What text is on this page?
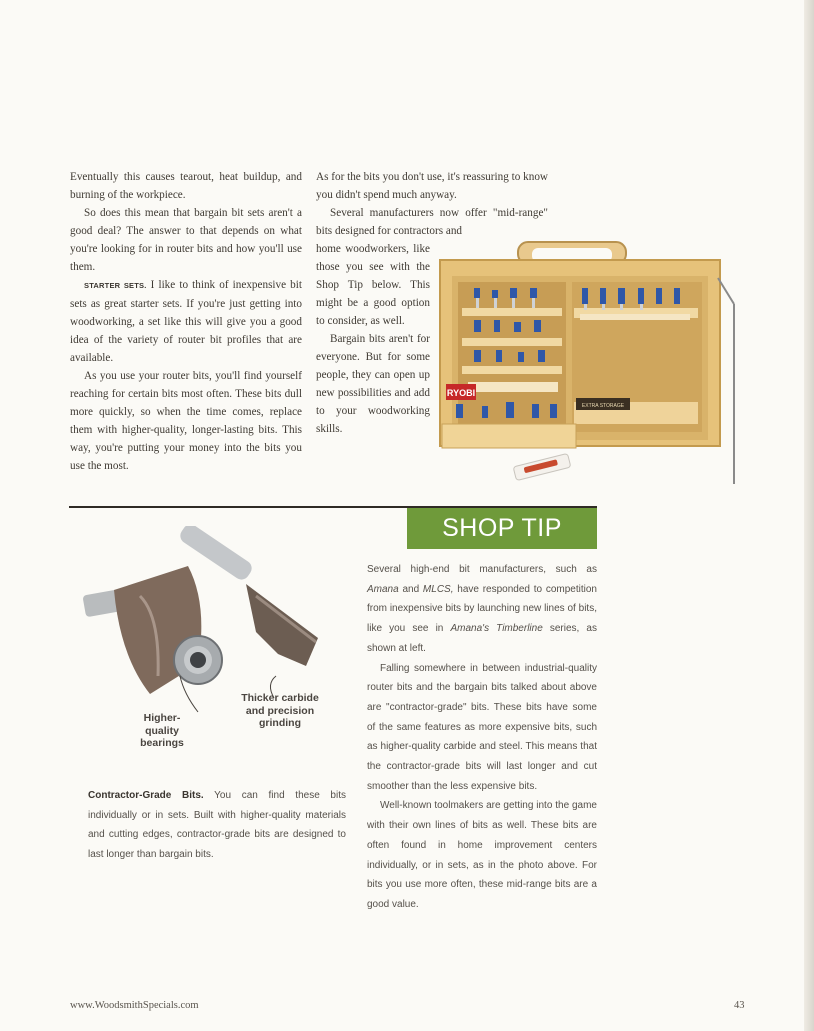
Eventually this causes tearout, heat buildup, and burning of the workpiece.

So does this mean that bargain bit sets aren't a good deal? The answer to that depends on what you're looking for in router bits and how you'll use them.

STARTER SETS. I like to think of inexpensive bit sets as great starter sets. If you're just getting into woodworking, a set like this will give you a good idea of the variety of router bit profiles that are available.

As you use your router bits, you'll find yourself reaching for certain bits most often. These bits dull more quickly, so when the time comes, replace them with higher-quality, longer-lasting bits. This way, you're putting your money into the bits you use the most.

As for the bits you don't use, it's reassuring to know you didn't spend much anyway.

Several manufacturers now offer "mid-range" bits designed for contractors and

home woodworkers, like those you see with the Shop Tip below. This might be a good option to consider, as well.

Bargain bits aren't for everyone. But for some people, they can open up new possibilities and add to your woodworking skills.

RYOBI
EXTRA STORAGE
SHOP TIP
Higher-quality bearings
Thicker carbide and precision grinding

Several high-end bit manufacturers, such as Amana and MLCS, have responded to competition from inexpensive bits by launching new lines of bits, like you see in Amana's Timberline series, as shown at left.

Falling somewhere in between industrial-quality router bits and the bargain bits talked about above are "contractor-grade" bits. These bits have some of the same features as more expensive bits, such as higher-quality carbide and steel. This means that the contractor-grade bits will last longer and cut smoother than the less expensive bits.

Well-known toolmakers are getting into the game with their own lines of bits as well. These bits are often found in home improvement centers individually, or in sets, as in the photo above. For bits you use more often, these mid-range bits are a good value.

Contractor-Grade Bits. You can find these bits individually or in sets. Built with higher-quality materials and cutting edges, contractor-grade bits are designed to last longer than bargain bits.

www.WoodsmithSpecials.com	43
